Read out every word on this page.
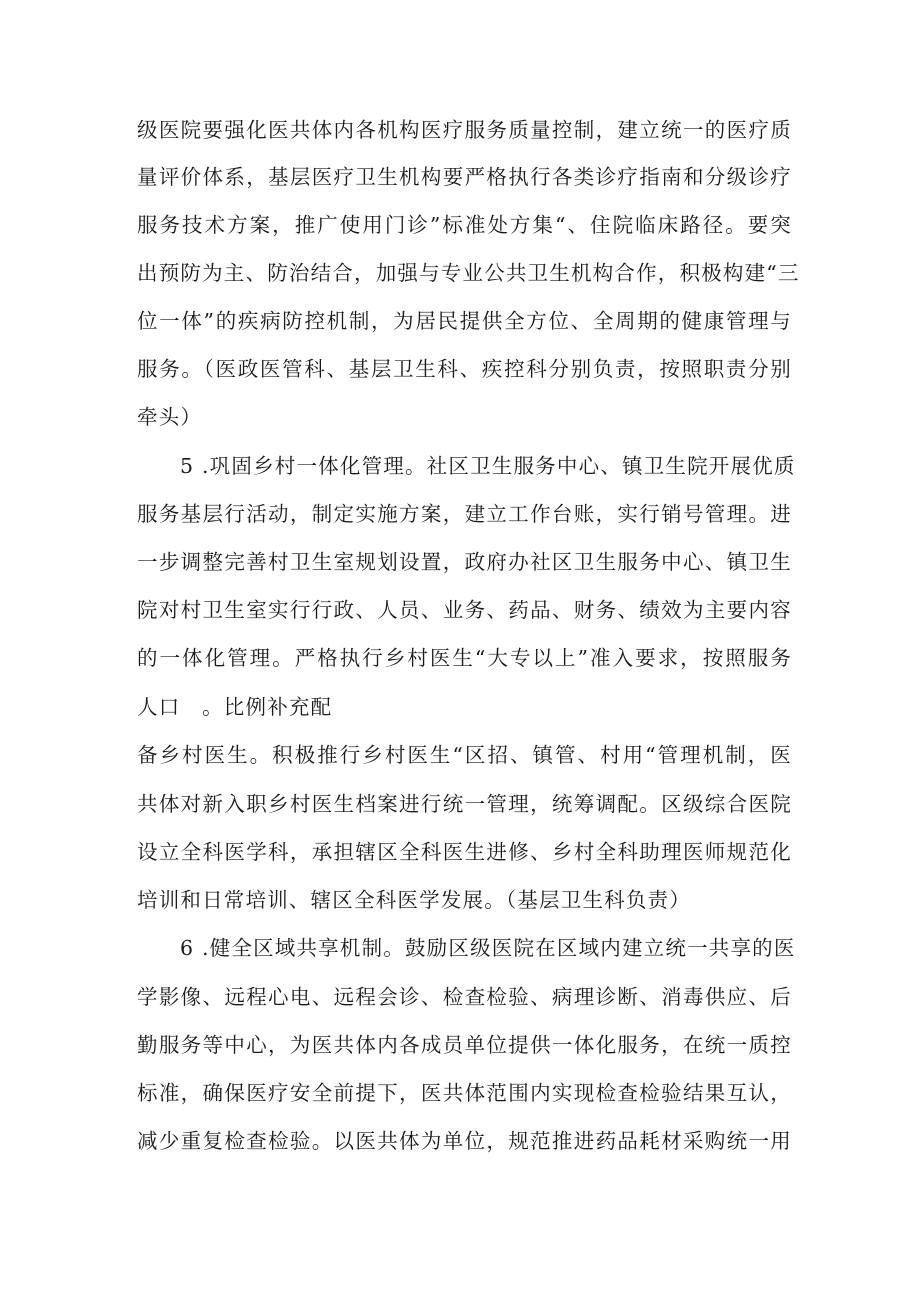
级医院要强化医共体内各机构医疗服务质量控制，建立统一的医疗质
量评价体系，基层医疗卫生机构要严格执行各类诊疗指南和分级诊疗
服务技术方案，推广使用门诊”标准处方集“、住院临床路径。要突
出预防为主、防治结合，加强与专业公共卫生机构合作，积极构建“三
位一体”的疾病防控机制，为居民提供全方位、全周期的健康管理与
服务。（医政医管科、基层卫生科、疾控科分别负责，按照职责分别
牵头）
5 .巩固乡村一体化管理。社区卫生服务中心、镇卫生院开展优质
服务基层行活动，制定实施方案，建立工作台账，实行销号管理。进
一步调整完善村卫生室规划设置，政府办社区卫生服务中心、镇卫生
院对村卫生室实行行政、人员、业务、药品、财务、绩效为主要内容
的一体化管理。严格执行乡村医生“大专以上”准入要求，按照服务
人口　。比例补充配
备乡村医生。积极推行乡村医生“区招、镇管、村用“管理机制，医
共体对新入职乡村医生档案进行统一管理，统筹调配。区级综合医院
设立全科医学科，承担辖区全科医生进修、乡村全科助理医师规范化
培训和日常培训、辖区全科医学发展。（基层卫生科负责）
6 .健全区域共享机制。鼓励区级医院在区域内建立统一共享的医
学影像、远程心电、远程会诊、检查检验、病理诊断、消毒供应、后
勤服务等中心，为医共体内各成员单位提供一体化服务，在统一质控
标准，确保医疗安全前提下，医共体范围内实现检查检验结果互认，
减少重复检查检验。以医共体为单位，规范推进药品耗材采购统一用
